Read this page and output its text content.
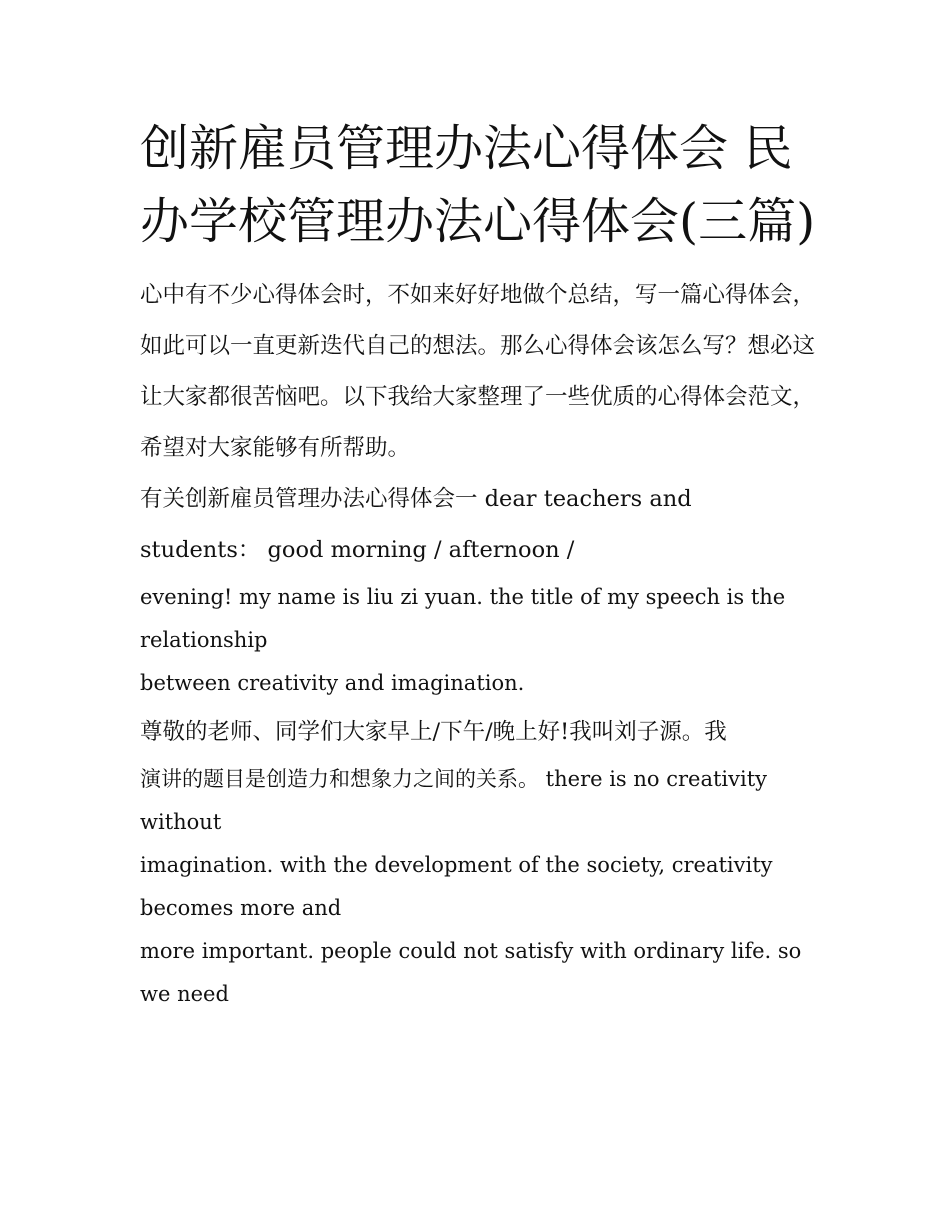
创新雇员管理办法心得体会 民办学校管理办法心得体会(三篇)

心中有不少心得体会时，不如来好好地做个总结，写一篇心得体会，如此可以一直更新迭代自己的想法。那么心得体会该怎么写？想必这让大家都很苦恼吧。以下我给大家整理了一些优质的心得体会范文，希望对大家能够有所帮助。

有关创新雇员管理办法心得体会一 dear teachers and

students： good morning / afternoon /

evening! my name is liu zi yuan. the title of my speech is the relationship

between creativity and imagination.

尊敬的老师、同学们大家早上/下午/晚上好!我叫刘子源。我

演讲的题目是创造力和想象力之间的关系。 there is no creativity without

imagination. with the development of the society, creativity becomes more and

more important. people could not satisfy with ordinary life. so we need
